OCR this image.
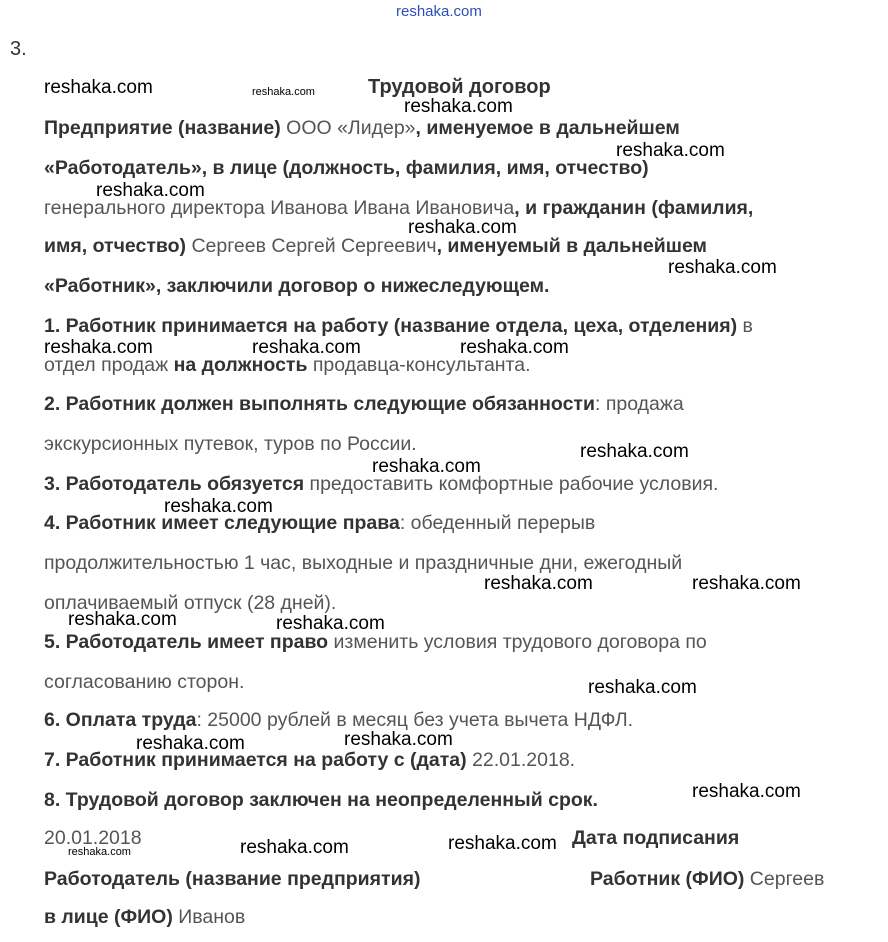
3.
Трудовой договор
Предприятие (название) ООО «Лидер», именуемое в дальнейшем
«Работодатель», в лице (должность, фамилия, имя, отчество)
генерального директора Иванова Ивана Ивановича, и гражданин (фамилия,
имя, отчество) Сергеев Сергей Сергеевич, именуемый в дальнейшем
«Работник», заключили договор о нижеследующем.
1. Работник принимается на работу (название отдела, цеха, отделения) в
отдел продаж на должность продавца-консультанта.
2. Работник должен выполнять следующие обязанности: продажа
экскурсионных путевок, туров по России.
3. Работодатель обязуется предоставить комфортные рабочие условия.
4. Работник имеет следующие права: обеденный перерыв
продолжительностью 1 час, выходные и праздничные дни, ежегодный
оплачиваемый отпуск (28 дней).
5. Работодатель имеет право изменить условия трудового договора по
согласованию сторон.
6. Оплата труда: 25000 рублей в месяц без учета вычета НДФЛ.
7. Работник принимается на работу с (дата) 22.01.2018.
8. Трудовой договор заключен на неопределенный срок.
20.01.2018	Дата подписания
Работодатель (название предприятия)	Работник (ФИО) Сергеев
в лице (ФИО) Иванов
reshaka.com
reshaka.com	reshaka.com
reshaka.com
reshaka.com
reshaka.com
reshaka.com
reshaka.com
reshaka.com	reshaka.com	reshaka.com
reshaka.com
reshaka.com
reshaka.com
reshaka.com	reshaka.com
reshaka.com	reshaka.com
reshaka.com
reshaka.com	reshaka.com
reshaka.com
reshaka.com	reshaka.com	reshaka.com
